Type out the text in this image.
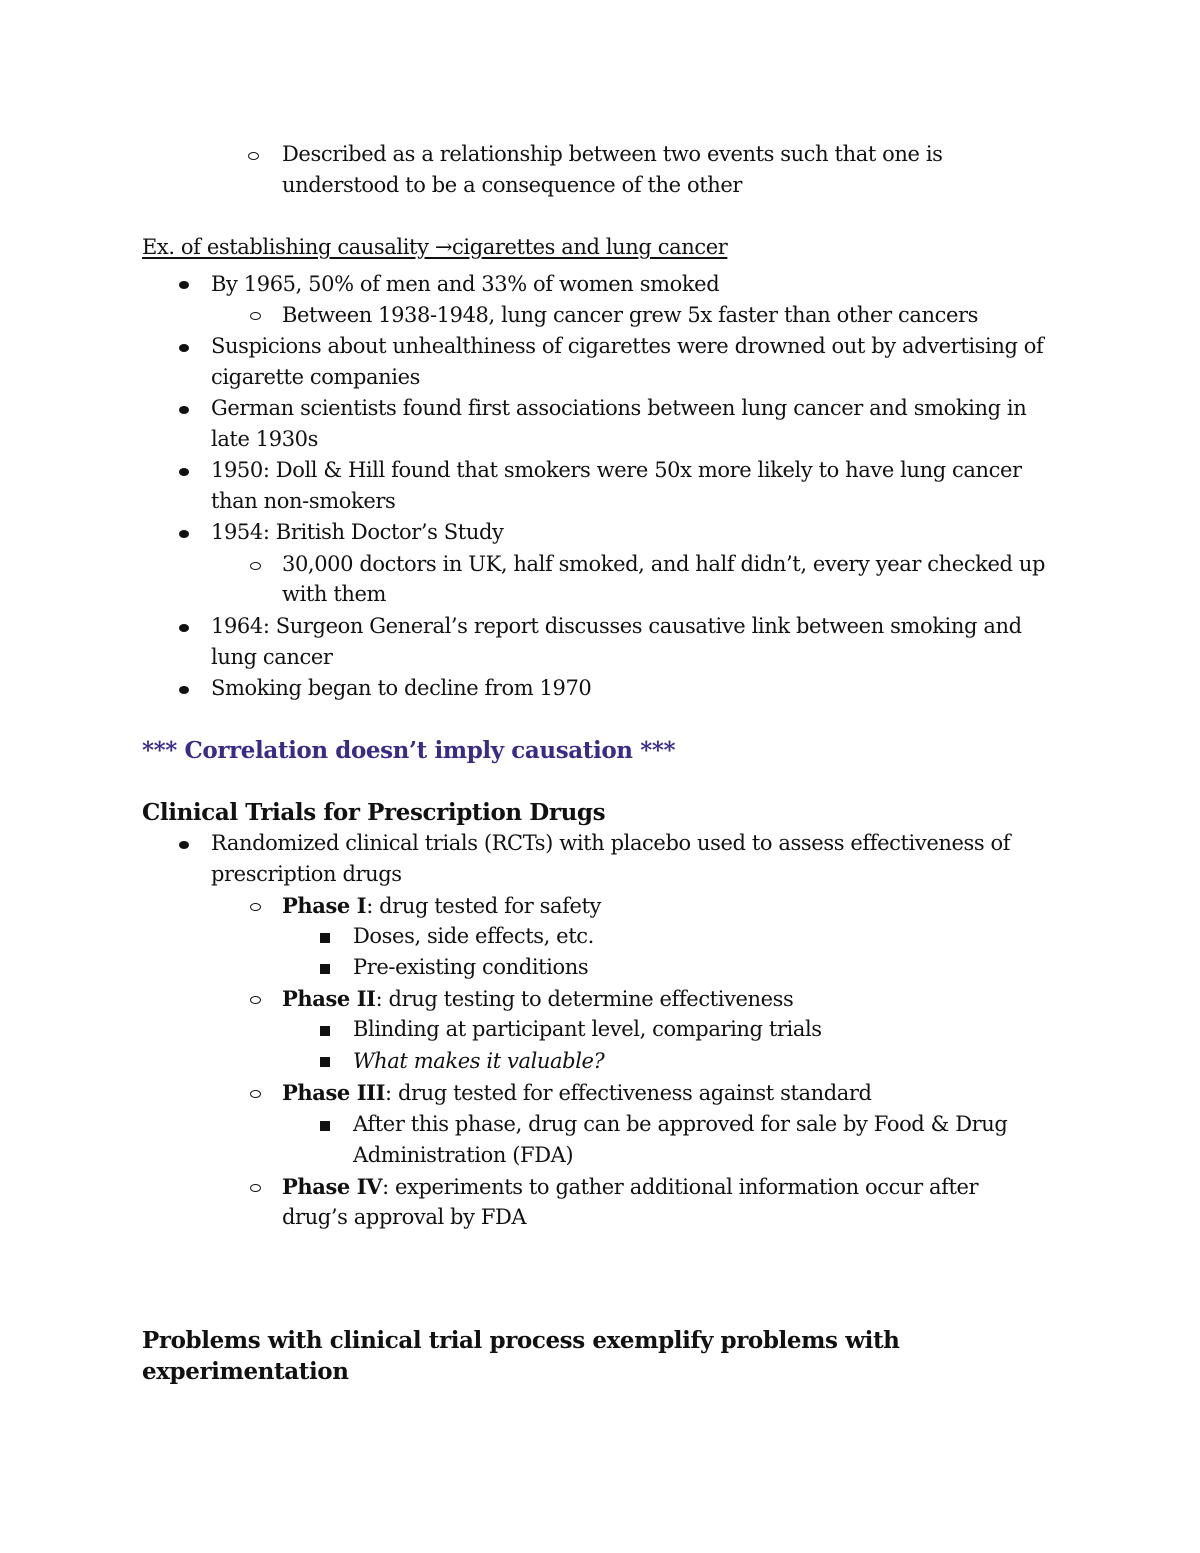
Described as a relationship between two events such that one is
understood to be a consequence of the other
Ex. of establishing causality →cigarettes and lung cancer
By 1965, 50% of men and 33% of women smoked
Between 1938-1948, lung cancer grew 5x faster than other cancers
Suspicions about unhealthiness of cigarettes were drowned out by advertising of
cigarette companies
German scientists found first associations between lung cancer and smoking in
late 1930s
1950: Doll & Hill found that smokers were 50x more likely to have lung cancer
than non-smokers
1954: British Doctor’s Study
30,000 doctors in UK, half smoked, and half didn’t, every year checked up
with them
1964: Surgeon General’s report discusses causative link between smoking and
lung cancer
Smoking began to decline from 1970
*** Correlation doesn’t imply causation ***
Clinical Trials for Prescription Drugs
Randomized clinical trials (RCTs) with placebo used to assess effectiveness of
prescription drugs
Phase I: drug tested for safety
Doses, side effects, etc.
Pre-existing conditions
Phase II: drug testing to determine effectiveness
Blinding at participant level, comparing trials
What makes it valuable?
Phase III: drug tested for effectiveness against standard
After this phase, drug can be approved for sale by Food & Drug
Administration (FDA)
Phase IV: experiments to gather additional information occur after
drug’s approval by FDA
Problems with clinical trial process exemplify problems with
experimentation
